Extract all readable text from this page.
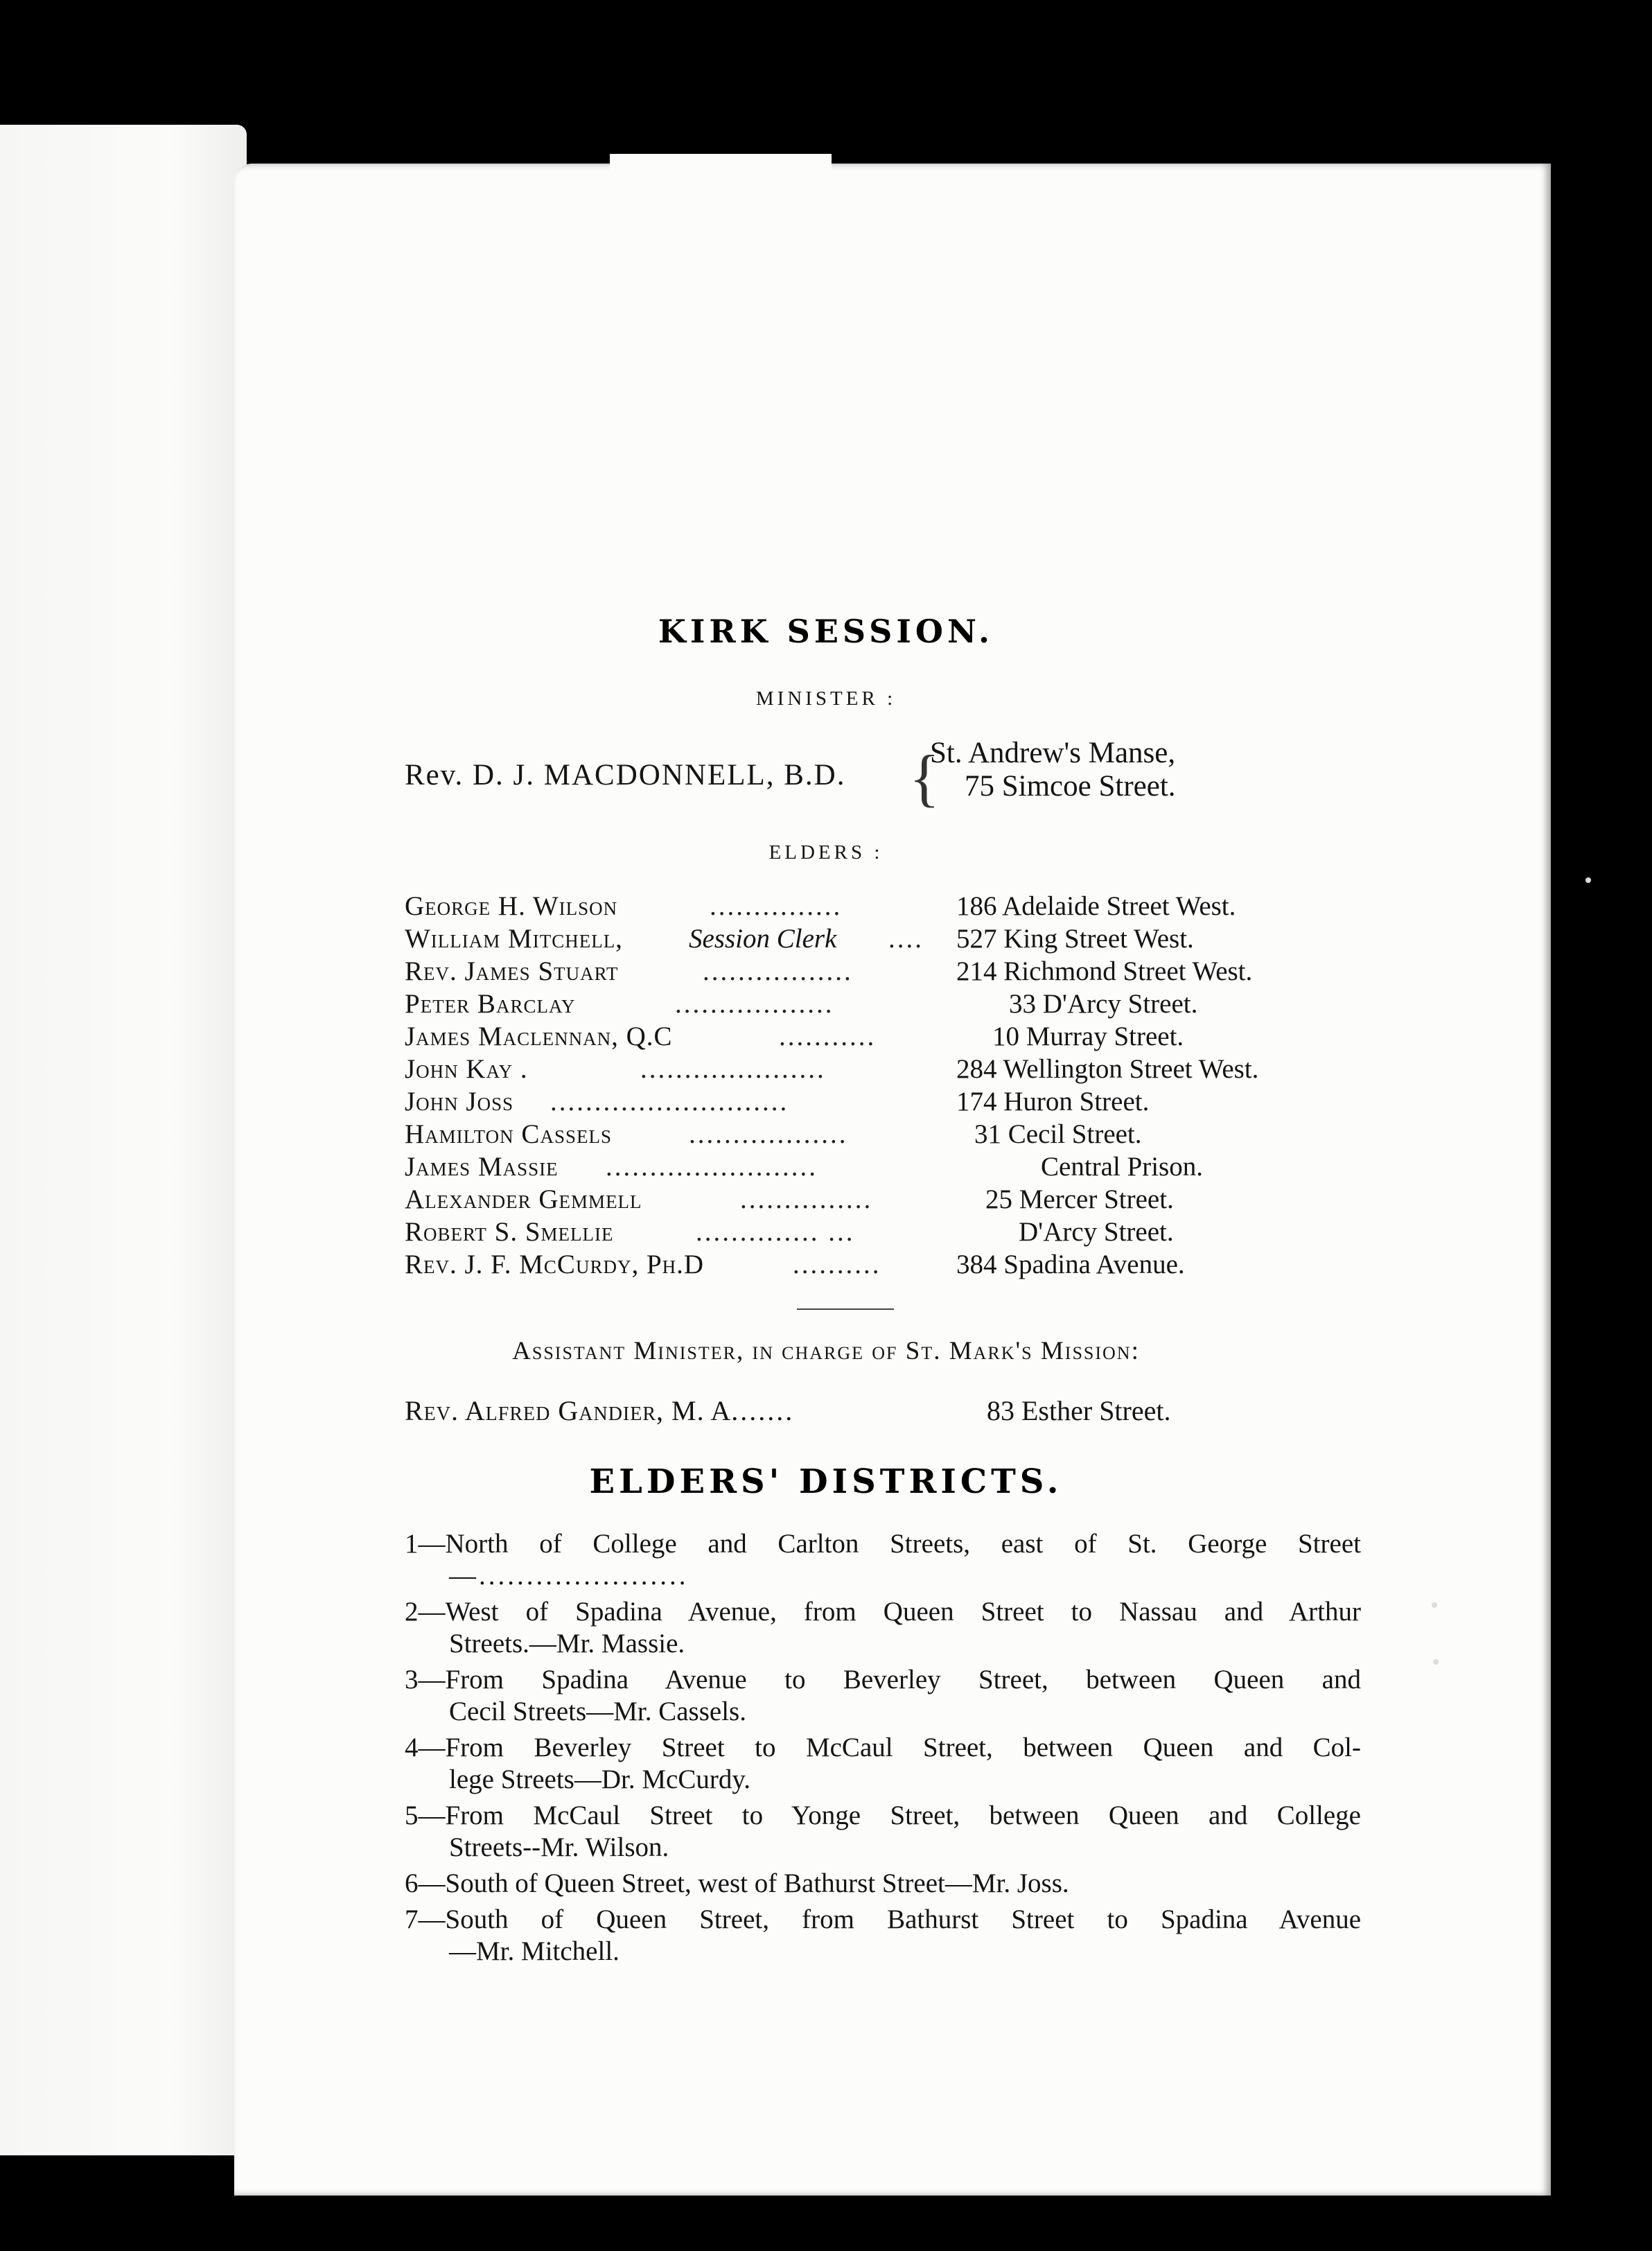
KIRK SESSION.
MINISTER :
Rev. D. J. MACDONNELL, B.D. {
St. Andrew's Manse,
75 Simcoe Street.
ELDERS :
George H. Wilson	...............	186 Adelaide Street West.
William Mitchell, Session Clerk .... 527 King Street West.
Rev. James Stuart	.................	214 Richmond Street West.
Peter Barclay	..................	33 D'Arcy Street.
James Maclennan, Q.C	...........	10 Murray Street.
John Kay .	.....................	284 Wellington Street West.
John Joss ...........................	174 Huron Street.
Hamilton Cassels	..................	31 Cecil Street.
James Massie ........................	Central Prison.
Alexander Gemmell	...............	25 Mercer Street.
Robert S. Smellie	.............. ...	D'Arcy Street.
Rev. J. F. McCurdy, Ph.D	..........	384 Spadina Avenue.
Assistant Minister, in charge of St. Mark's Mission:
Rev. Alfred Gandier, M. A.......	83 Esther Street.
ELDERS' DISTRICTS.
1—North of College and Carlton Streets, east of St. George Street
—......................
2—West of Spadina Avenue, from Queen Street to Nassau and Arthur
Streets.—Mr. Massie.
3—From Spadina Avenue to Beverley Street, between Queen and
Cecil Streets—Mr. Cassels.
4—From Beverley Street to McCaul Street, between Queen and Col-
lege Streets—Dr. McCurdy.
5—From McCaul Street to Yonge Street, between Queen and College
Streets--Mr. Wilson.
6—South of Queen Street, west of Bathurst Street—Mr. Joss.
7—South of Queen Street, from Bathurst Street to Spadina Avenue
—Mr. Mitchell.
